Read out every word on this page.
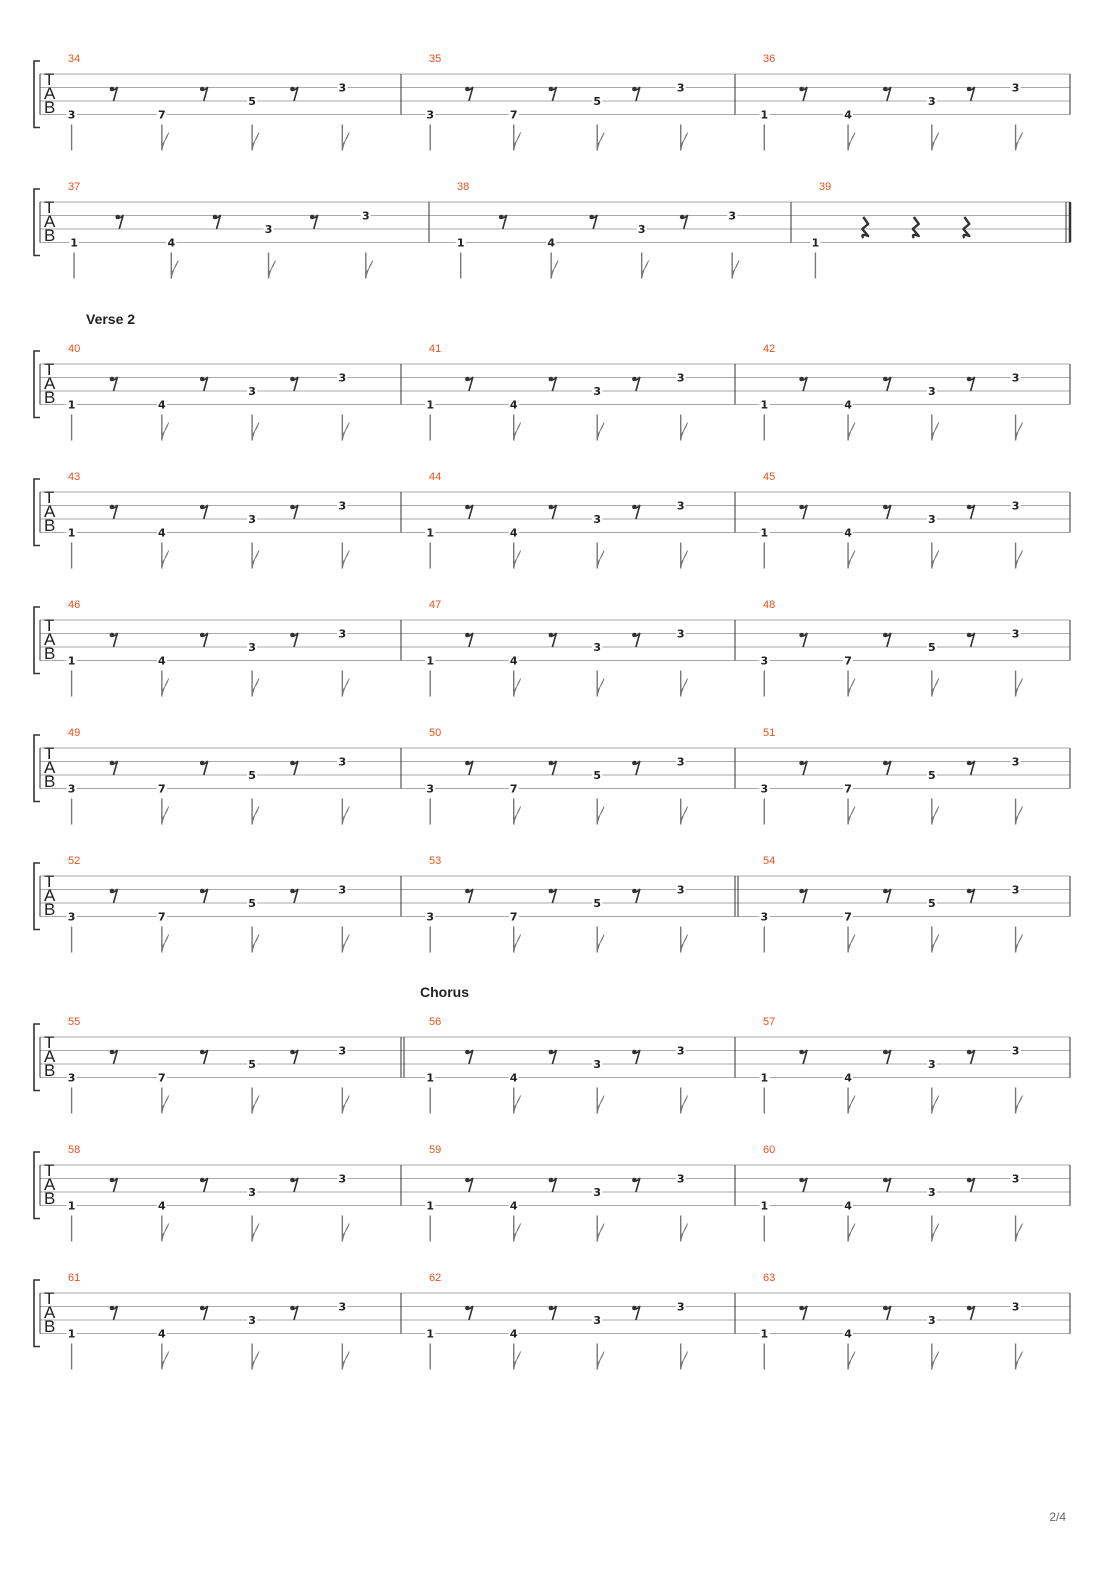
T
A
B
34
3	7
5
3
35
3	7
5
3
36
1	4
3
3
T
A
B
37
1	4
3
3
38
1	4
3
3
39
1
Verse 2
T
A
B
40
1	4
3
3
41
1	4
3
3
42
1	4
3
3
T
A
B
43
1	4
3
3
44
1	4
3
3
45
1	4
3
3
T
A
B
46
1	4
3
3
47
1	4
3
3
48
3	7
5
3
T
A
B
49
3	7
5
3
50
3	7
5
3
51
3	7
5
3
T
A
B
52
3	7
5
3
53
3	7
5
3
54
3	7
5
3
Chorus
T
A
B
55
3	7
5
3
56
1	4
3
3
57
1	4
3
3
T
A
B
58
1	4
3
3
59
1	4
3
3
60
1	4
3
3
T
A
B
61
1	4
3
3
62
1	4
3
3
63
1	4
3
3
2/4
